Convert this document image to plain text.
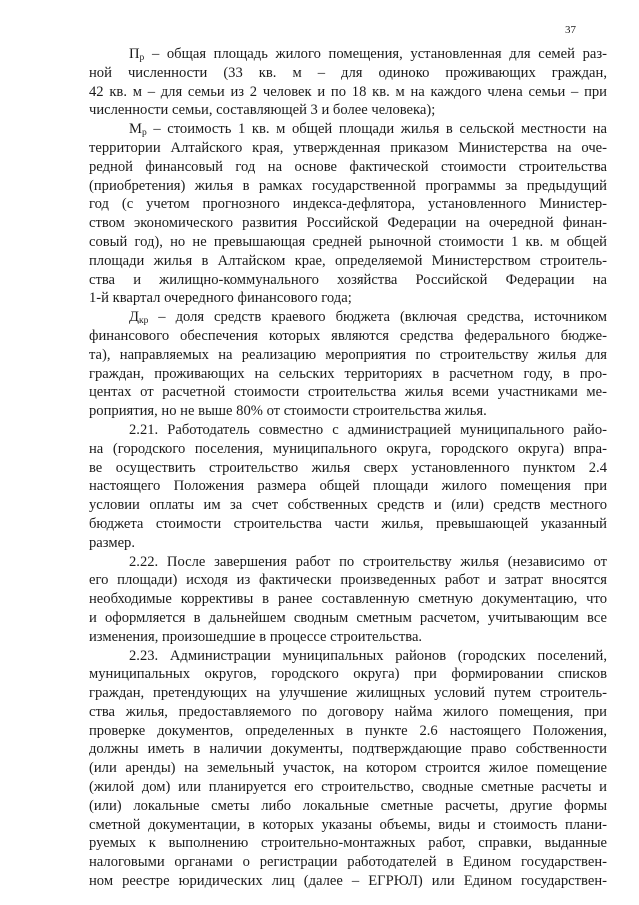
37

$П_р$ – общая площадь жилого помещения, установленная для семей раз-
ной численности (33 кв. м – для одиноко проживающих граждан,
42 кв. м – для семьи из 2 человек и по 18 кв. м на каждого члена семьи – при
численности семьи, составляющей 3 и более человека);

$М_р$ – стоимость 1 кв. м общей площади жилья в сельской местности на
территории Алтайского края, утвержденная приказом Министерства на оче-
редной финансовый год на основе фактической стоимости строительства
(приобретения) жилья в рамках государственной программы за предыдущий
год (с учетом прогнозного индекса-дефлятора, установленного Министер-
ством экономического развития Российской Федерации на очередной финан-
совый год), но не превышающая средней рыночной стоимости 1 кв. м общей
площади жилья в Алтайском крае, определяемой Министерством строитель-
ства и жилищно-коммунального хозяйства Российской Федерации на
1-й квартал очередного финансового года;

$Д_{кр}$ – доля средств краевого бюджета (включая средства, источником
финансового обеспечения которых являются средства федерального бюдже-
та), направляемых на реализацию мероприятия по строительству жилья для
граждан, проживающих на сельских территориях в расчетном году, в про-
центах от расчетной стоимости строительства жилья всеми участниками ме-
роприятия, но не выше 80% от стоимости строительства жилья.

2.21. Работодатель совместно с администрацией муниципального райо-
на (городского поселения, муниципального округа, городского округа) впра-
ве осуществить строительство жилья сверх установленного пунктом 2.4
настоящего Положения размера общей площади жилого помещения при
условии оплаты им за счет собственных средств и (или) средств местного
бюджета стоимости строительства части жилья, превышающей указанный
размер.

2.22. После завершения работ по строительству жилья (независимо от
его площади) исходя из фактически произведенных работ и затрат вносятся
необходимые коррективы в ранее составленную сметную документацию, что
и оформляется в дальнейшем сводным сметным расчетом, учитывающим все
изменения, произошедшие в процессе строительства.

2.23. Администрации муниципальных районов (городских поселений,
муниципальных округов, городского округа) при формировании списков
граждан, претендующих на улучшение жилищных условий путем строитель-
ства жилья, предоставляемого по договору найма жилого помещения, при
проверке документов, определенных в пункте 2.6 настоящего Положения,
должны иметь в наличии документы, подтверждающие право собственности
(или аренды) на земельный участок, на котором строится жилое помещение
(жилой дом) или планируется его строительство, сводные сметные расчеты и
(или) локальные сметы либо локальные сметные расчеты, другие формы
сметной документации, в которых указаны объемы, виды и стоимость плани-
руемых к выполнению строительно-монтажных работ, справки, выданные
налоговыми органами о регистрации работодателей в Едином государствен-
ном реестре юридических лиц (далее – ЕГРЮЛ) или Едином государствен-
